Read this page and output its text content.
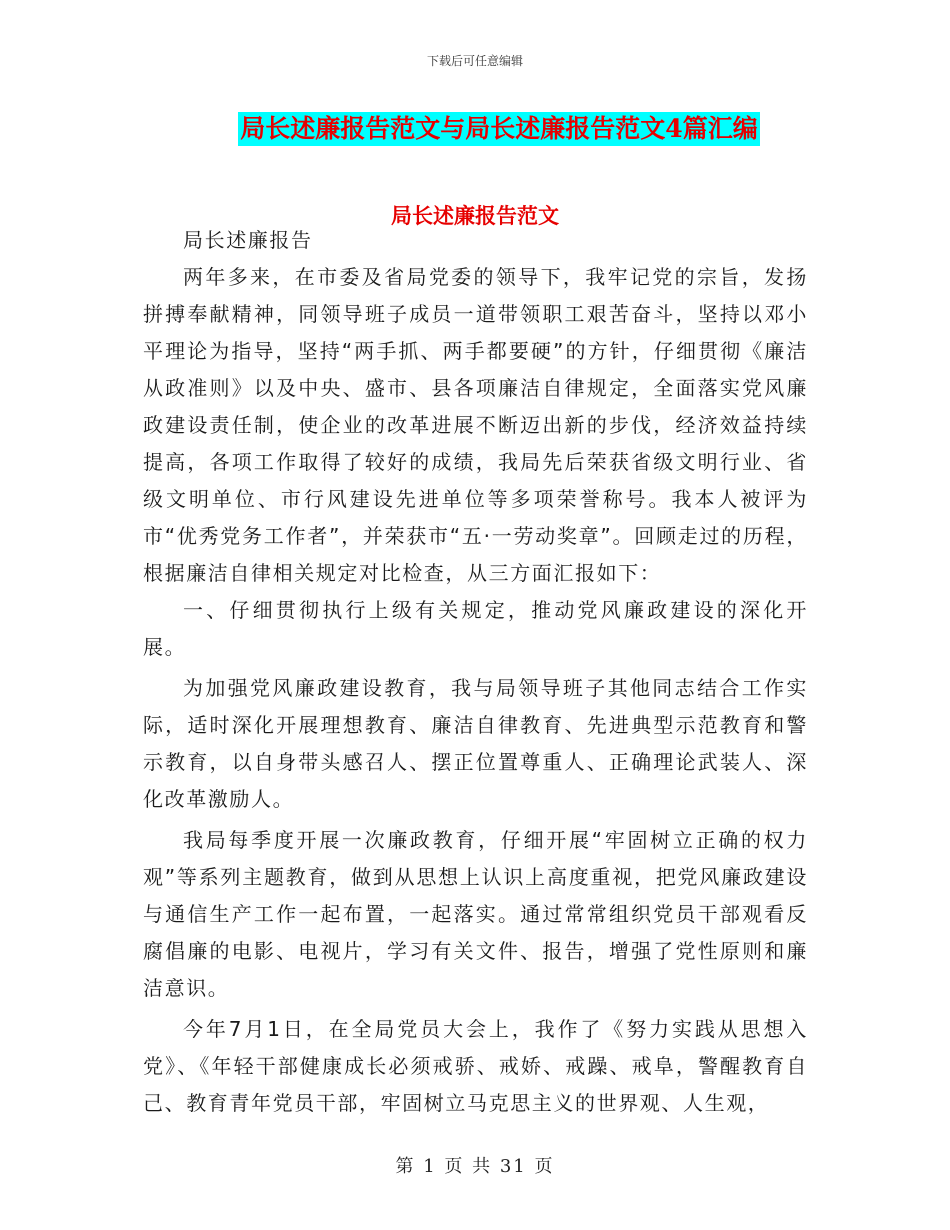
下载后可任意编辑
局长述廉报告范文与局长述廉报告范文4篇汇编
局长述廉报告范文

局长述廉报告

两年多来，在市委及省局党委的领导下，我牢记党的宗旨，发扬拼搏奉献精神，同领导班子成员一道带领职工艰苦奋斗，坚持以邓小平理论为指导，坚持“两手抓、两手都要硬”的方针，仔细贯彻《廉洁从政准则》以及中央、盛市、县各项廉洁自律规定，全面落实党风廉政建设责任制，使企业的改革进展不断迈出新的步伐，经济效益持续提高，各项工作取得了较好的成绩，我局先后荣获省级文明行业、省级文明单位、市行风建设先进单位等多项荣誉称号。我本人被评为市“优秀党务工作者”，并荣获市“五·一劳动奖章”。回顾走过的历程，根据廉洁自律相关规定对比检查，从三方面汇报如下：

一、仔细贯彻执行上级有关规定，推动党风廉政建设的深化开展。

为加强党风廉政建设教育，我与局领导班子其他同志结合工作实际，适时深化开展理想教育、廉洁自律教育、先进典型示范教育和警示教育，以自身带头感召人、摆正位置尊重人、正确理论武装人、深化改革激励人。

我局每季度开展一次廉政教育，仔细开展“牢固树立正确的权力观”等系列主题教育，做到从思想上认识上高度重视，把党风廉政建设与通信生产工作一起布置，一起落实。通过常常组织党员干部观看反腐倡廉的电影、电视片，学习有关文件、报告，增强了党性原则和廉洁意识。

今年7月1日，在全局党员大会上，我作了《努力实践从思想入党》、《年轻干部健康成长必须戒骄、戒娇、戒躁、戒阜，警醒教育自己、教育青年党员干部，牢固树立马克思主义的世界观、人生观，

第 1 页 共 31 页
